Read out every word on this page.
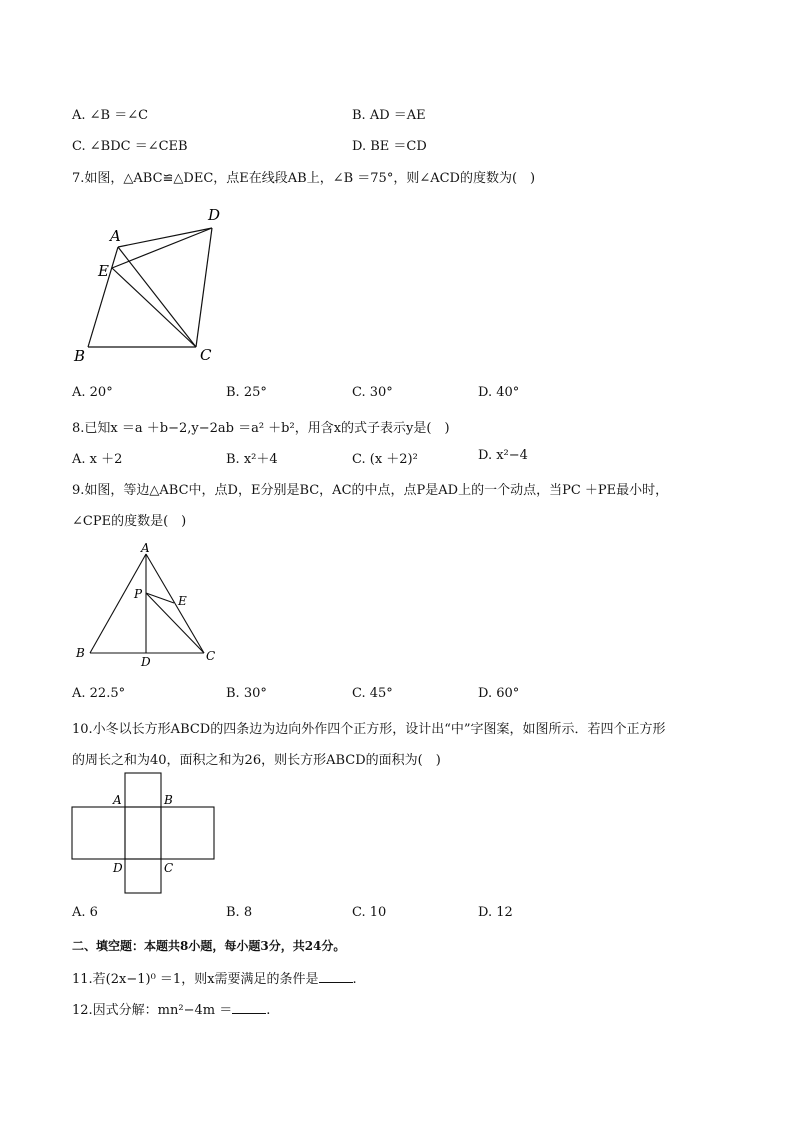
A. ∠B ＝∠C	B. AD ＝AE
C. ∠BDC ＝∠CEB	D. BE ＝CD
7.如图，△ABC≌△DEC，点E在线段AB上，∠B ＝75°，则∠ACD的度数为(　)
A
D
E
B	C
A. 20°	B. 25°	C. 30°	D. 40°
8.已知x ＝a ＋b−2,y−2ab ＝a² ＋b²，用含x的式子表示y是(　)
A. x ＋2	B. x²＋4	C. (x ＋2)²	D. x²−4
9.如图，等边△ABC中，点D，E分别是BC，AC的中点，点P是AD上的一个动点，当PC ＋PE最小时，
∠CPE的度数是(　)
A
P	E
B
D	C
A. 22.5°	B. 30°	C. 45°	D. 60°
10.小冬以长方形ABCD的四条边为边向外作四个正方形，设计出“中”字图案，如图所示．若四个正方形
的周长之和为40，面积之和为26，则长方形ABCD的面积为(　)
A	B
D	C
A. 6	B. 8	C. 10	D. 12
二、填空题：本题共8小题，每小题3分，共24分。
11.若(2x−1)⁰ ＝1，则x需要满足的条件是	.
12.因式分解：mn²−4m ＝	.
